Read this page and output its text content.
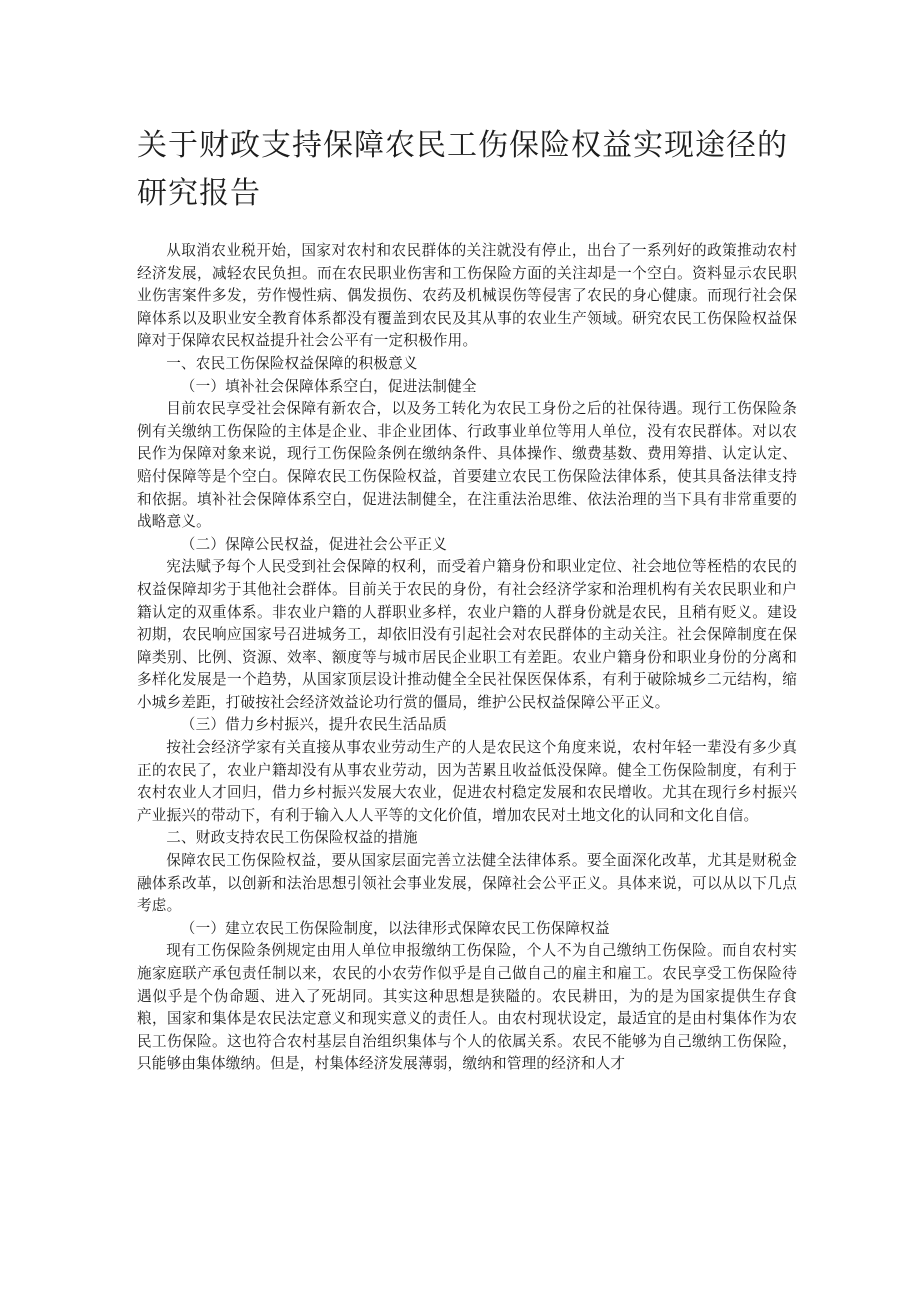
关于财政支持保障农民工伤保险权益实现途径的研究报告

从取消农业税开始，国家对农村和农民群体的关注就没有停止，出台了一系列好的政策推动农村经济发展，减轻农民负担。而在农民职业伤害和工伤保险方面的关注却是一个空白。资料显示农民职业伤害案件多发，劳作慢性病、偶发损伤、农药及机械误伤等侵害了农民的身心健康。而现行社会保障体系以及职业安全教育体系都没有覆盖到农民及其从事的农业生产领域。研究农民工伤保险权益保障对于保障农民权益提升社会公平有一定积极作用。

一、农民工伤保险权益保障的积极意义

（一）填补社会保障体系空白，促进法制健全

目前农民享受社会保障有新农合，以及务工转化为农民工身份之后的社保待遇。现行工伤保险条例有关缴纳工伤保险的主体是企业、非企业团体、行政事业单位等用人单位，没有农民群体。对以农民作为保障对象来说，现行工伤保险条例在缴纳条件、具体操作、缴费基数、费用筹措、认定认定、赔付保障等是个空白。保障农民工伤保险权益，首要建立农民工伤保险法律体系，使其具备法律支持和依据。填补社会保障体系空白，促进法制健全，在注重法治思维、依法治理的当下具有非常重要的战略意义。

（二）保障公民权益，促进社会公平正义

宪法赋予每个人民受到社会保障的权利，而受着户籍身份和职业定位、社会地位等桎梏的农民的权益保障却劣于其他社会群体。目前关于农民的身份，有社会经济学家和治理机构有关农民职业和户籍认定的双重体系。非农业户籍的人群职业多样，农业户籍的人群身份就是农民，且稍有贬义。建设初期，农民响应国家号召进城务工，却依旧没有引起社会对农民群体的主动关注。社会保障制度在保障类别、比例、资源、效率、额度等与城市居民企业职工有差距。农业户籍身份和职业身份的分离和多样化发展是一个趋势，从国家顶层设计推动健全全民社保医保体系，有利于破除城乡二元结构，缩小城乡差距，打破按社会经济效益论功行赏的僵局，维护公民权益保障公平正义。

（三）借力乡村振兴，提升农民生活品质

按社会经济学家有关直接从事农业劳动生产的人是农民这个角度来说，农村年轻一辈没有多少真正的农民了，农业户籍却没有从事农业劳动，因为苦累且收益低没保障。健全工伤保险制度，有利于农村农业人才回归，借力乡村振兴发展大农业，促进农村稳定发展和农民增收。尤其在现行乡村振兴产业振兴的带动下，有利于输入人人平等的文化价值，增加农民对土地文化的认同和文化自信。

二、财政支持农民工伤保险权益的措施

保障农民工伤保险权益，要从国家层面完善立法健全法律体系。要全面深化改革，尤其是财税金融体系改革，以创新和法治思想引领社会事业发展，保障社会公平正义。具体来说，可以从以下几点考虑。

（一）建立农民工伤保险制度，以法律形式保障农民工伤保障权益

现有工伤保险条例规定由用人单位申报缴纳工伤保险，个人不为自己缴纳工伤保险。而自农村实施家庭联产承包责任制以来，农民的小农劳作似乎是自己做自己的雇主和雇工。农民享受工伤保险待遇似乎是个伪命题、进入了死胡同。其实这种思想是狭隘的。农民耕田，为的是为国家提供生存食粮，国家和集体是农民法定意义和现实意义的责任人。由农村现状设定，最适宜的是由村集体作为农民工伤保险。这也符合农村基层自治组织集体与个人的依属关系。农民不能够为自己缴纳工伤保险，只能够由集体缴纳。但是，村集体经济发展薄弱，缴纳和管理的经济和人才
